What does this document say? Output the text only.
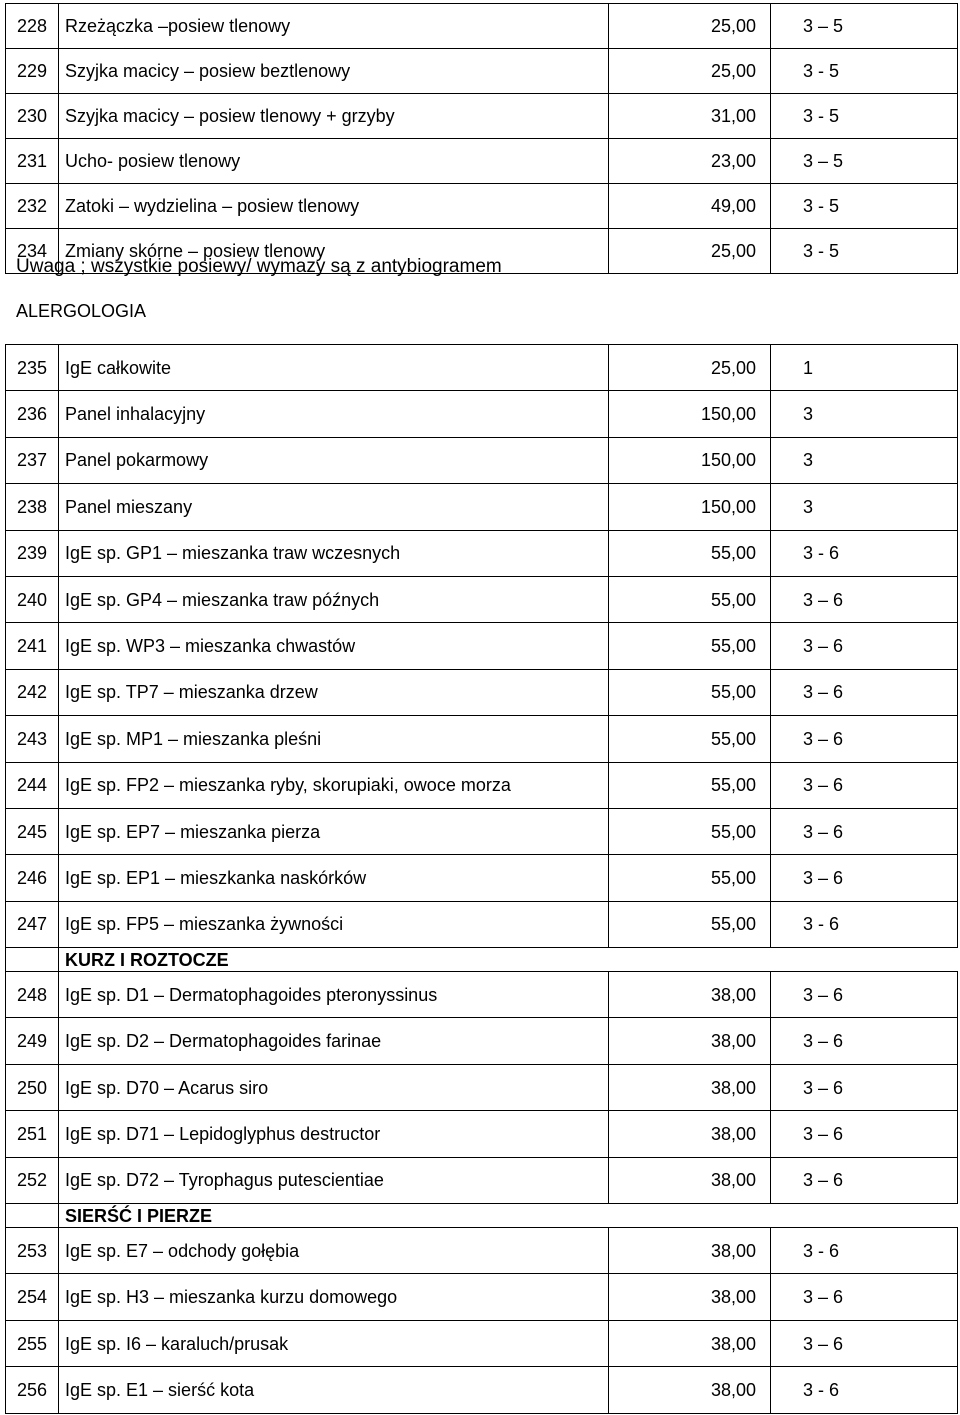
228	Rzeżączka –posiew tlenowy	25,00	3 – 5
229	Szyjka macicy – posiew beztlenowy	25,00	3 - 5
230	Szyjka macicy – posiew tlenowy + grzyby	31,00	3 - 5
231	Ucho- posiew tlenowy	23,00	3 – 5
232	Zatoki – wydzielina – posiew tlenowy	49,00	3 - 5
234	Zmiany skórne – posiew tlenowy	25,00	3 - 5
Uwaga ; wszystkie posiewy/ wymazy są z antybiogramem
ALERGOLOGIA
235	IgE całkowite	25,00	1
236	Panel inhalacyjny	150,00	3
237	Panel pokarmowy	150,00	3
238	Panel mieszany	150,00	3
239	IgE sp. GP1 – mieszanka traw wczesnych	55,00	3 - 6
240	IgE sp. GP4 – mieszanka traw późnych	55,00	3 – 6
241	IgE sp. WP3 – mieszanka chwastów	55,00	3 – 6
242	IgE sp. TP7 – mieszanka drzew	55,00	3 – 6
243	IgE sp. MP1 – mieszanka pleśni	55,00	3 – 6
244	IgE sp. FP2 – mieszanka ryby, skorupiaki, owoce morza	55,00	3 – 6
245	IgE sp. EP7 – mieszanka pierza	55,00	3 – 6
246	IgE sp. EP1 – mieszkanka naskórków	55,00	3 – 6
247	IgE sp. FP5 – mieszanka żywności	55,00	3 - 6
	KURZ I ROZTOCZE		
248	IgE sp. D1 – Dermatophagoides pteronyssinus	38,00	3 – 6
249	IgE sp. D2 – Dermatophagoides farinae	38,00	3 – 6
250	IgE sp. D70 – Acarus siro	38,00	3 – 6
251	IgE sp. D71 – Lepidoglyphus destructor	38,00	3 – 6
252	IgE sp. D72 – Tyrophagus putescientiae	38,00	3 – 6
	SIERŚĆ I PIERZE		
253	IgE sp. E7 – odchody gołębia	38,00	3 - 6
254	IgE sp. H3 – mieszanka kurzu domowego	38,00	3 – 6
255	IgE sp. I6 – karaluch/prusak	38,00	3 – 6
256	IgE sp. E1 – sierść kota	38,00	3 - 6
